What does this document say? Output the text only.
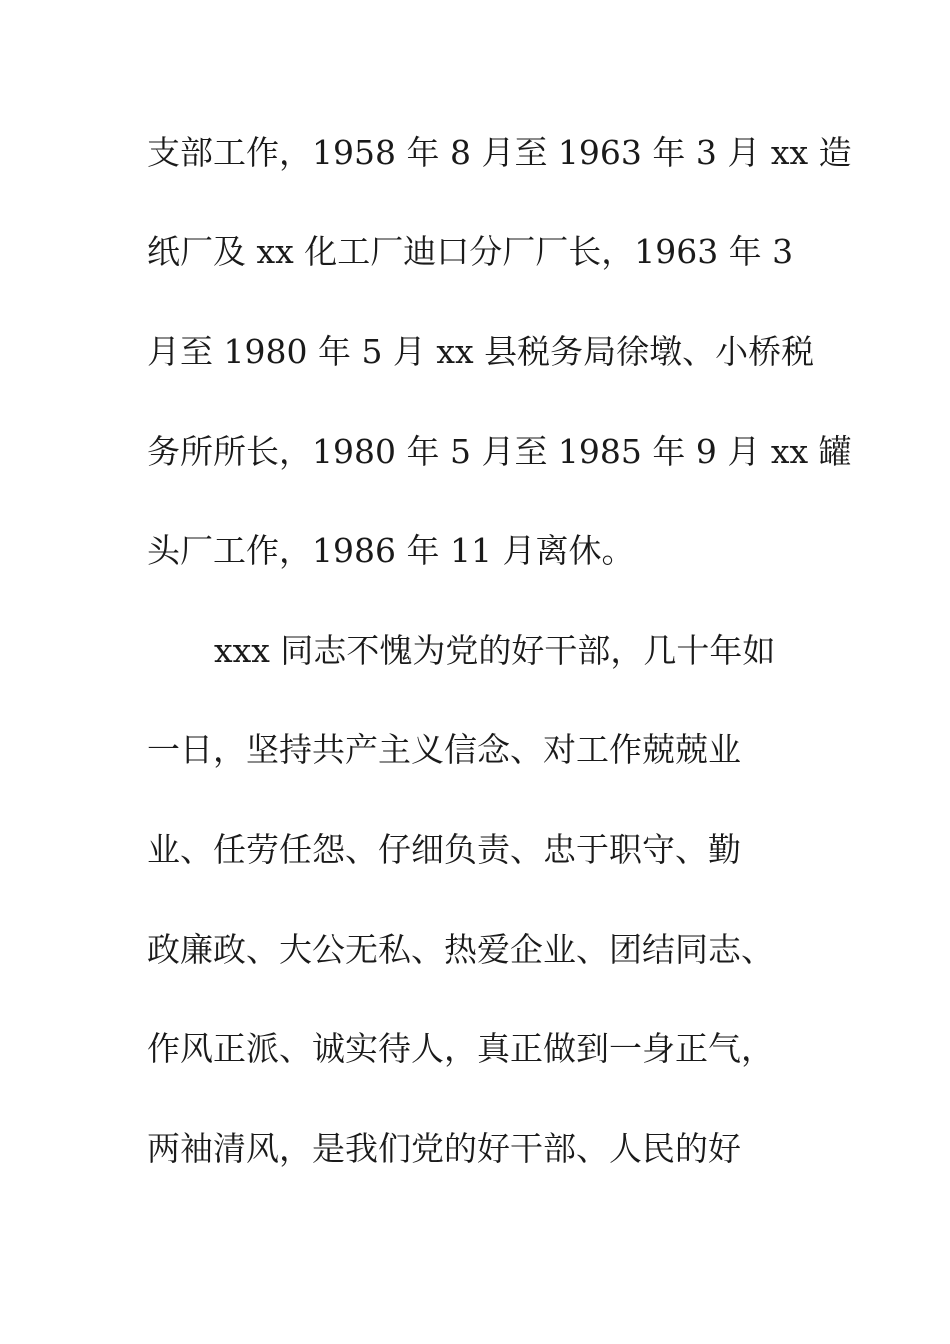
支部工作，1958 年 8 月至 1963 年 3 月 xx 造
纸厂及 xx 化工厂迪口分厂厂长，1963 年 3
月至 1980 年 5 月 xx 县税务局徐墩、小桥税
务所所长，1980 年 5 月至 1985 年 9 月 xx 罐
头厂工作，1986 年 11 月离休。
xxx 同志不愧为党的好干部，几十年如
一日，坚持共产主义信念、对工作兢兢业
业、任劳任怨、仔细负责、忠于职守、勤
政廉政、大公无私、热爱企业、团结同志、
作风正派、诚实待人，真正做到一身正气，
两袖清风，是我们党的好干部、人民的好
